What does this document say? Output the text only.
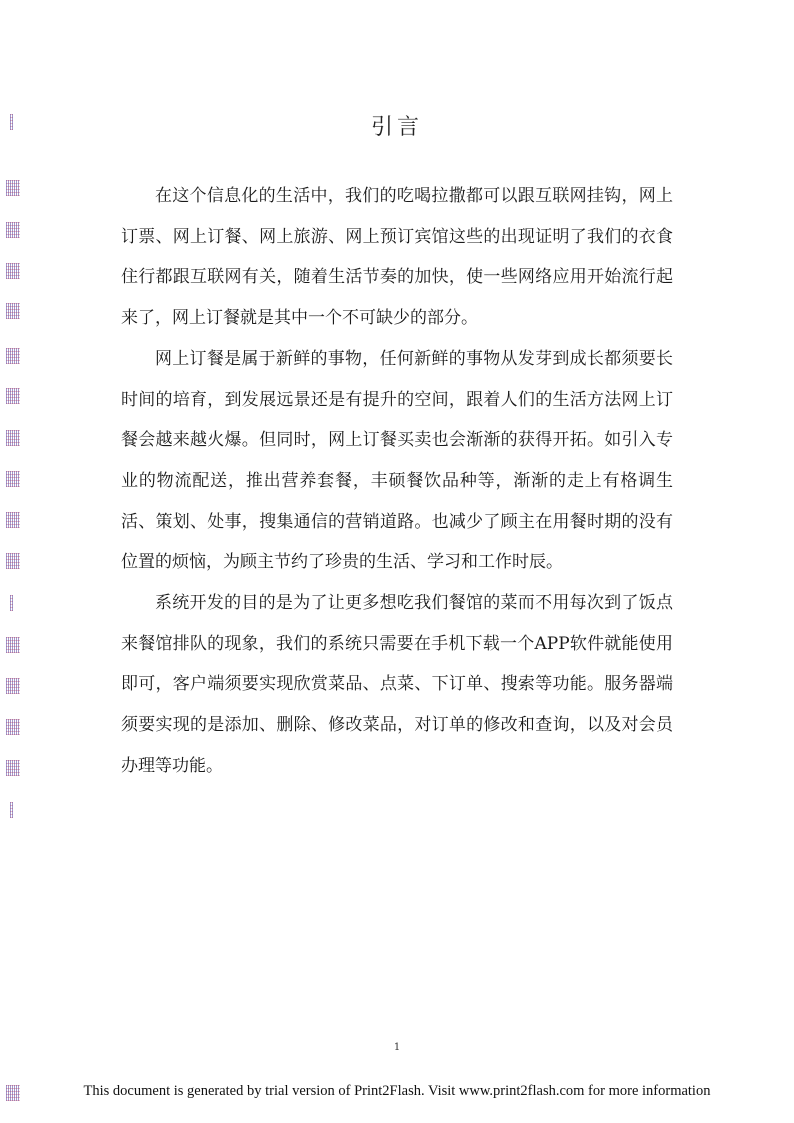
引言

在这个信息化的生活中，我们的吃喝拉撒都可以跟互联网挂钩，网上订票、网上订餐、网上旅游、网上预订宾馆这些的出现证明了我们的衣食住行都跟互联网有关，随着生活节奏的加快，使一些网络应用开始流行起来了，网上订餐就是其中一个不可缺少的部分。

网上订餐是属于新鲜的事物，任何新鲜的事物从发芽到成长都须要长时间的培育，到发展远景还是有提升的空间，跟着人们的生活方法网上订餐会越来越火爆。但同时，网上订餐买卖也会渐渐的获得开拓。如引入专业的物流配送，推出营养套餐，丰硕餐饮品种等，渐渐的走上有格调生活、策划、处事，搜集通信的营销道路。也减少了顾主在用餐时期的没有位置的烦恼，为顾主节约了珍贵的生活、学习和工作时辰。

系统开发的目的是为了让更多想吃我们餐馆的菜而不用每次到了饭点来餐馆排队的现象，我们的系统只需要在手机下载一个APP软件就能使用即可，客户端须要实现欣赏菜品、点菜、下订单、搜索等功能。服务器端须要实现的是添加、删除、修改菜品，对订单的修改和查询，以及对会员办理等功能。

1
This document is generated by trial version of Print2Flash. Visit www.print2flash.com for more information
